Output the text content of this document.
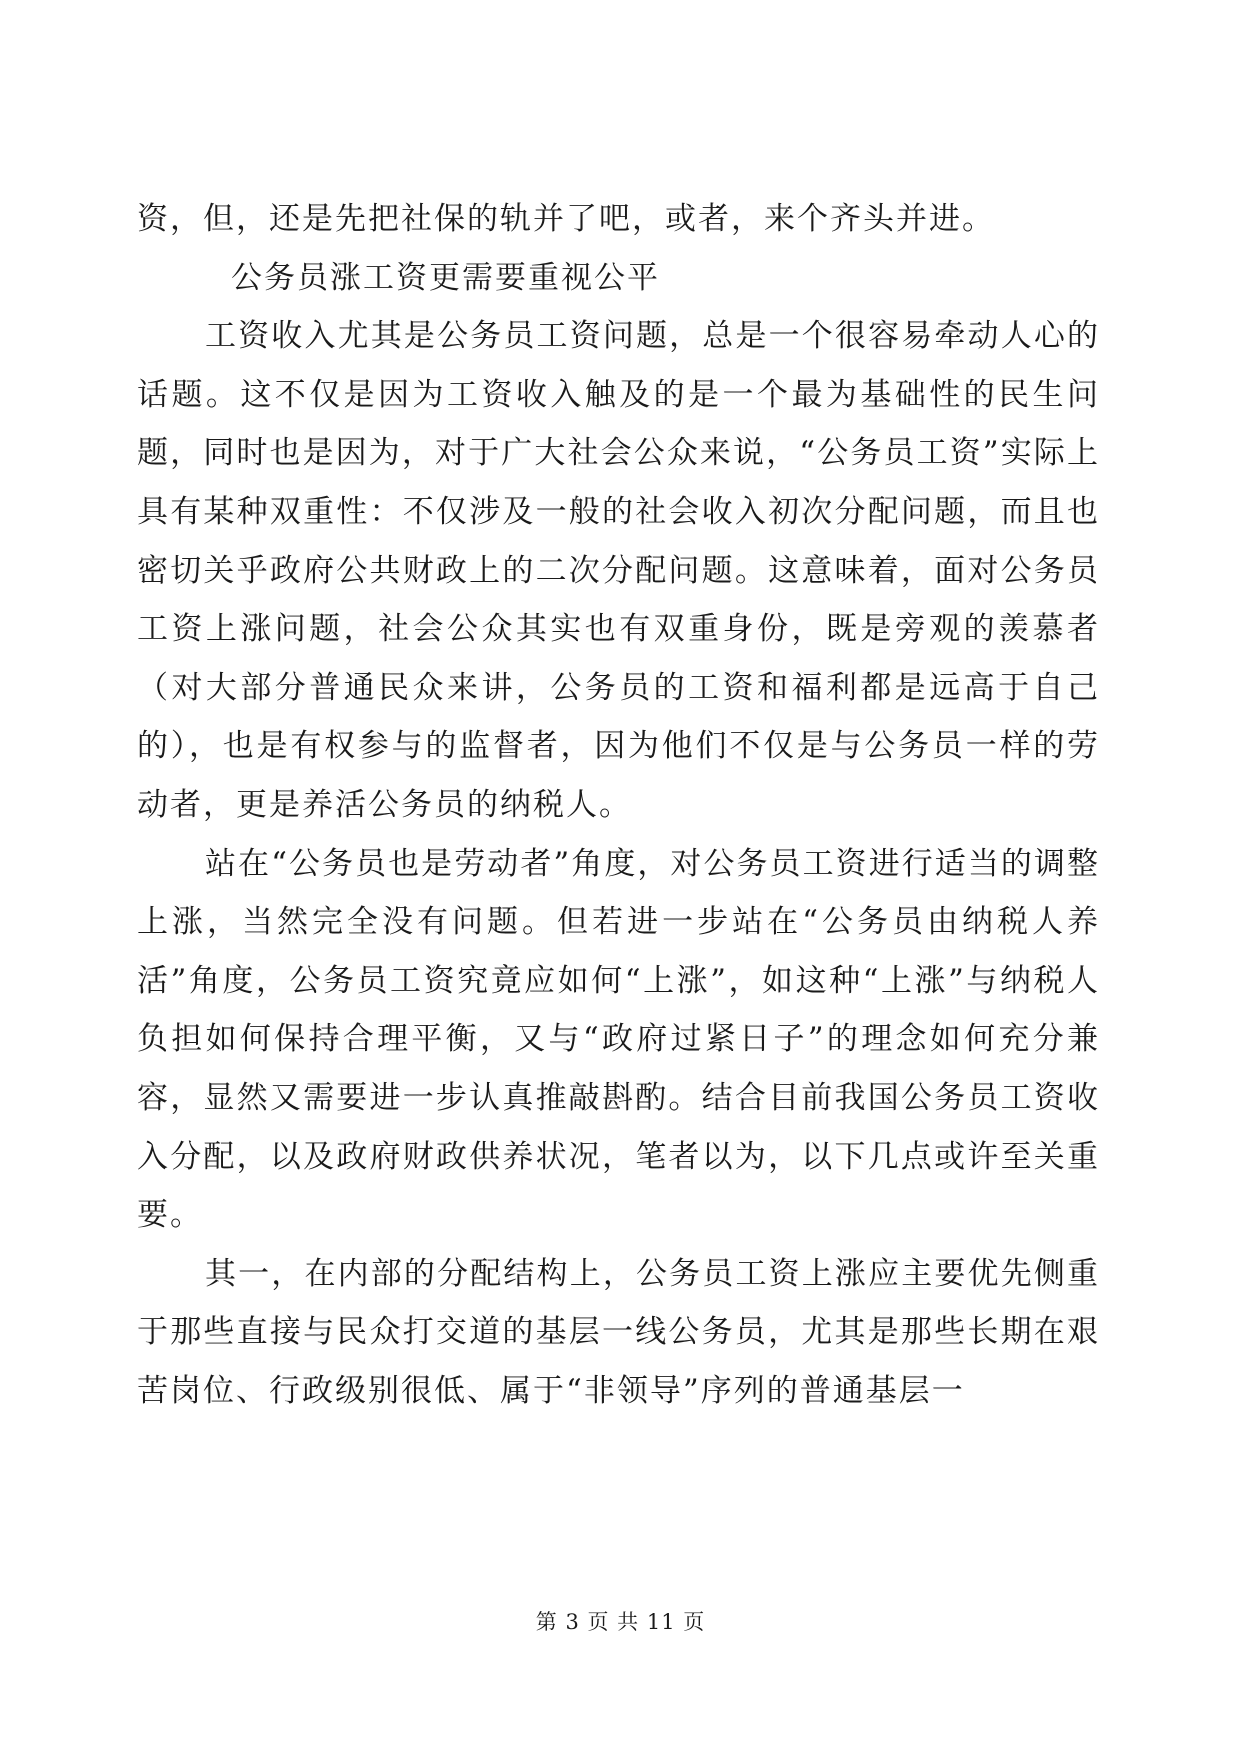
资，但，还是先把社保的轨并了吧，或者，来个齐头并进。

公务员涨工资更需要重视公平

工资收入尤其是公务员工资问题，总是一个很容易牵动人心的话题。这不仅是因为工资收入触及的是一个最为基础性的民生问题，同时也是因为，对于广大社会公众来说，“公务员工资”实际上具有某种双重性：不仅涉及一般的社会收入初次分配问题，而且也密切关乎政府公共财政上的二次分配问题。这意味着，面对公务员工资上涨问题，社会公众其实也有双重身份，既是旁观的羡慕者（对大部分普通民众来讲，公务员的工资和福利都是远高于自己的），也是有权参与的监督者，因为他们不仅是与公务员一样的劳动者，更是养活公务员的纳税人。

站在“公务员也是劳动者”角度，对公务员工资进行适当的调整上涨，当然完全没有问题。但若进一步站在“公务员由纳税人养活”角度，公务员工资究竟应如何“上涨”，如这种“上涨”与纳税人负担如何保持合理平衡，又与“政府过紧日子”的理念如何充分兼容，显然又需要进一步认真推敲斟酌。结合目前我国公务员工资收入分配，以及政府财政供养状况，笔者以为，以下几点或许至关重要。

其一，在内部的分配结构上，公务员工资上涨应主要优先侧重于那些直接与民众打交道的基层一线公务员，尤其是那些长期在艰苦岗位、行政级别很低、属于“非领导”序列的普通基层一

第 3 页 共 11 页
